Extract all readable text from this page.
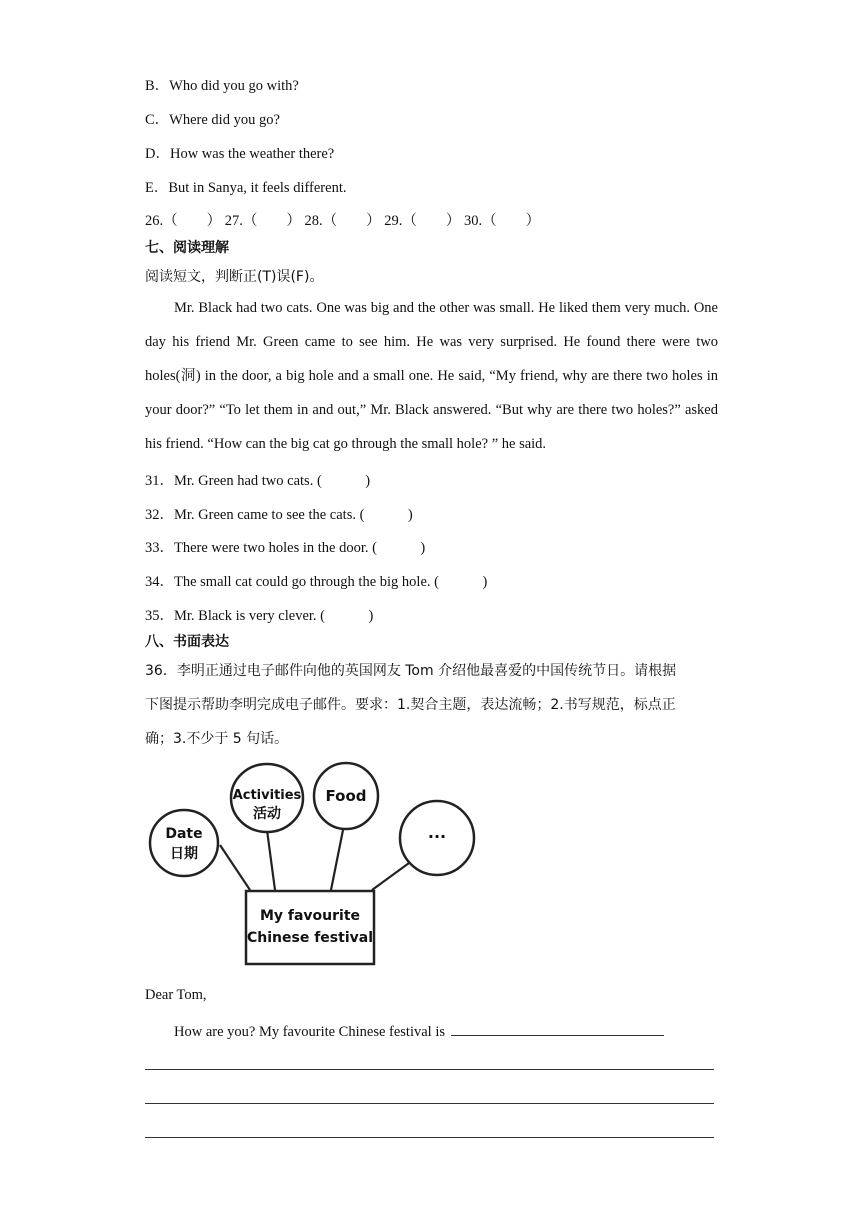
B．Who did you go with?
C．Where did you go?
D．How was the weather there?
E．But in Sanya, it feels different.
26.（　　） 27.（　　） 28.（　　） 29.（　　） 30.（　　）
七、阅读理解
阅读短文，判断正(T)误(F)。
Mr. Black had two cats. One was big and the other was small. He liked them very much. One day his friend Mr. Green came to see him. He was very surprised. He found there were two holes(洞) in the door, a big hole and a small one. He said, “My friend, why are there two holes in your door?” “To let them in and out,” Mr. Black answered. “But why are there two holes?” asked his friend. “How can the big cat go through the small hole? ” he said.
31．Mr. Green had two cats. (　　　)
32．Mr. Green came to see the cats. (　　　)
33．There were two holes in the door. (　　　)
34．The small cat could go through the big hole. (　　　)
35．Mr. Black is very clever. (　　　)
八、书面表达
36．李明正通过电子邮件向他的英国网友 Tom 介绍他最喜爱的中国传统节日。请根据
下图提示帮助李明完成电子邮件。要求：1.契合主题，表达流畅；2.书写规范，标点正
确；3.不少于 5 句话。
Date
日期
Activities
活动
Food
...
My favourite
Chinese festival
Dear Tom,
How are you? My favourite Chinese festival is
